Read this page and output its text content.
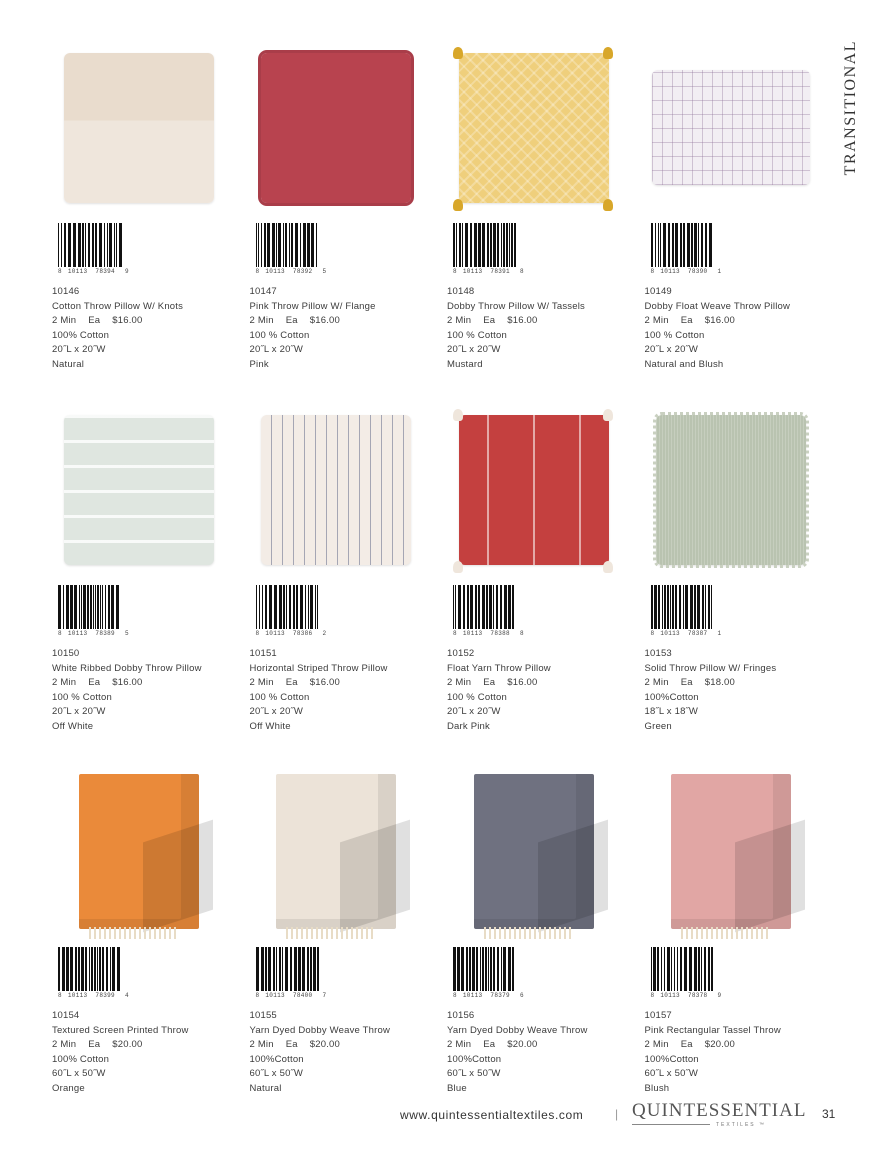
TRANSITIONAL
8 10113 78394 9
10146
Cotton Throw Pillow W/ Knots
2 Min Ea $16.00
100% Cotton
20˝L x 20˝W
Natural
8 10113 78392 5
10147
Pink Throw Pillow W/ Flange
2 Min Ea $16.00
100 % Cotton
20˝L x 20˝W
Pink
8 10113 78391 8
10148
Dobby Throw Pillow W/ Tassels
2 Min Ea $16.00
100 % Cotton
20˝L x 20˝W
Mustard
8 10113 78390 1
10149
Dobby Float Weave Throw Pillow
2 Min Ea $16.00
100 % Cotton
20˝L x 20˝W
Natural and Blush
8 10113 78389 5
10150
White Ribbed Dobby Throw Pillow
2 Min Ea $16.00
100 % Cotton
20˝L x 20˝W
Off White
8 10113 78386 2
10151
Horizontal Striped Throw Pillow
2 Min Ea $16.00
100 % Cotton
20˝L x 20˝W
Off White
8 10113 78388 8
10152
Float Yarn Throw Pillow
2 Min Ea $16.00
100 % Cotton
20˝L x 20˝W
Dark Pink
8 10113 78387 1
10153
Solid Throw Pillow W/ Fringes
2 Min Ea $18.00
100%Cotton
18˝L x 18˝W
Green
8 10113 78399 4
10154
Textured Screen Printed Throw
2 Min Ea $20.00
100% Cotton
60˝L x 50˝W
Orange
8 10113 78400 7
10155
Yarn Dyed Dobby Weave Throw
2 Min Ea $20.00
100%Cotton
60˝L x 50˝W
Natural
8 10113 78379 6
10156
Yarn Dyed Dobby Weave Throw
2 Min Ea $20.00
100%Cotton
60˝L x 50˝W
Blue
8 10113 78378 9
10157
Pink Rectangular Tassel Throw
2 Min Ea $20.00
100%Cotton
60˝L x 50˝W
Blush
www.quintessentialtextiles.com	| QUINTESSENTIAL
TEXTILES ™
31
